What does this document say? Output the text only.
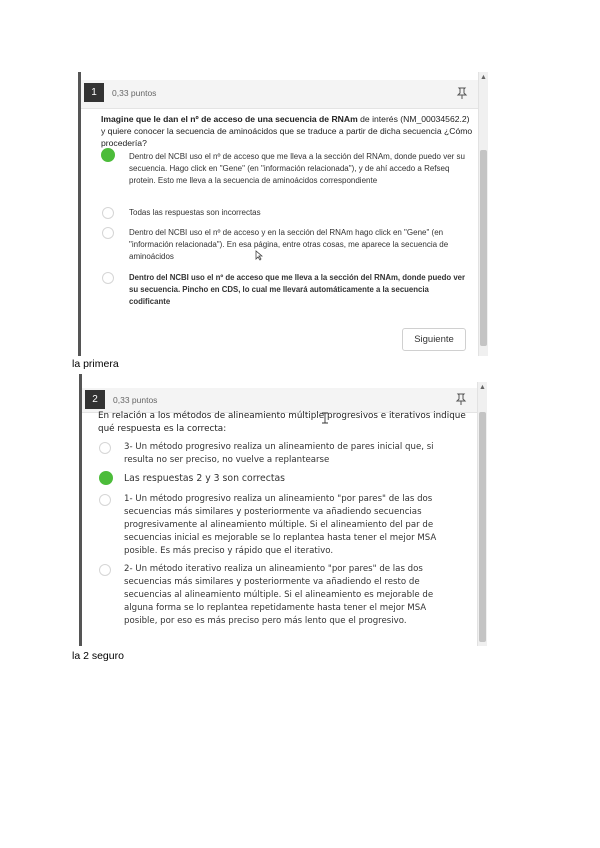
1	0,33 puntos
Imagine que le dan el nº de acceso de una secuencia de RNAm de interés (NM_00034562.2) y quiere conocer la secuencia de aminoácidos que se traduce a partir de dicha secuencia ¿Cómo procedería?
Dentro del NCBI uso el nº de acceso que me lleva a la sección del RNAm, donde puedo ver su secuencia. Hago click en "Gene" (en "información relacionada"), y de ahí accedo a Refseq protein. Esto me lleva a la secuencia de aminoácidos correspondiente
Todas las respuestas son incorrectas
Dentro del NCBI uso el nº de acceso y en la sección del RNAm hago click en "Gene" (en "información relacionada"). En esa página, entre otras cosas, me aparece la secuencia de aminoácidos
Dentro del NCBI uso el nº de acceso que me lleva a la sección del RNAm, donde puedo ver su secuencia. Pincho en CDS, lo cual me llevará automáticamente a la secuencia codificante
Siguiente
▲
la primera
2	0,33 puntos
En relación a los métodos de alineamiento múltiple progresivos e iterativos indique qué respuesta es la correcta:
3- Un método progresivo realiza un alineamiento de pares inicial que, si resulta no ser preciso, no vuelve a replantearse
Las respuestas 2 y 3 son correctas
1- Un método progresivo realiza un alineamiento "por pares" de las dos secuencias más similares y posteriormente va añadiendo secuencias progresivamente al alineamiento múltiple. Si el alineamiento del par de secuencias inicial es mejorable se lo replantea hasta tener el mejor MSA posible. Es más preciso y rápido que el iterativo.
2- Un método iterativo realiza un alineamiento "por pares" de las dos secuencias más similares y posteriormente va añadiendo el resto de secuencias al alineamiento múltiple. Si el alineamiento es mejorable de alguna forma se lo replantea repetidamente hasta tener el mejor MSA posible, por eso es más preciso pero más lento que el progresivo.
▲
la 2 seguro
